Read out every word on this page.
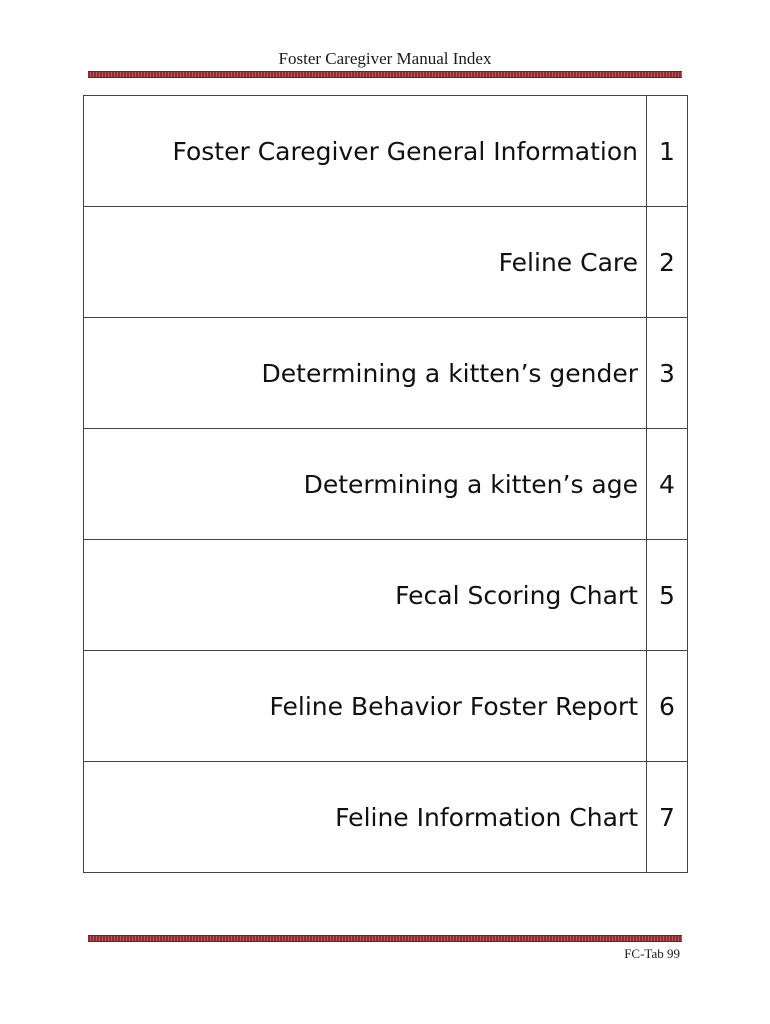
Foster Caregiver Manual Index
Foster Caregiver General Information	1
Feline Care	2
Determining a kitten’s gender	3
Determining a kitten’s age	4
Fecal Scoring Chart	5
Feline Behavior Foster Report	6
Feline Information Chart	7
FC-Tab 99
